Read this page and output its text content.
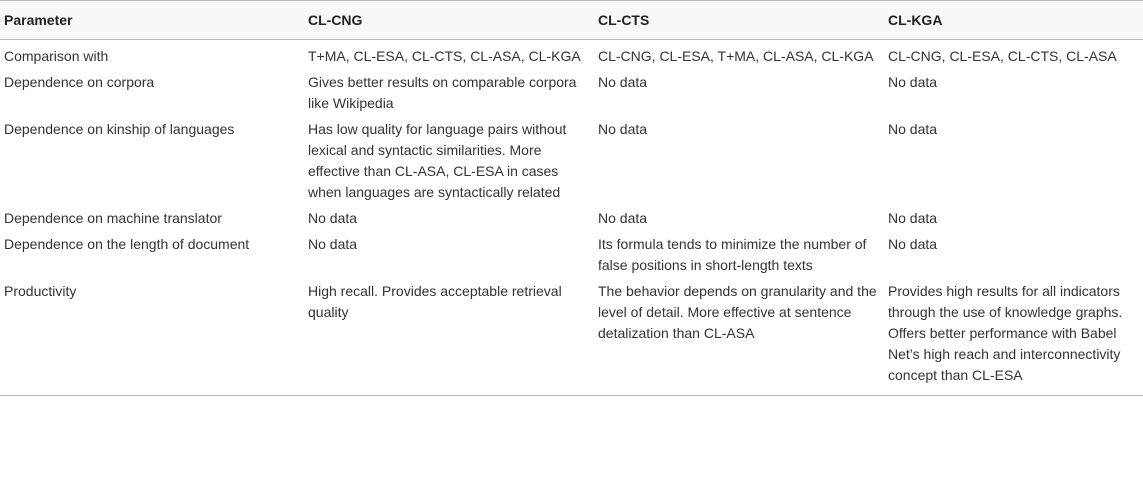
Parameter	CL-CNG	CL-CTS	CL-KGA
Comparison with	T+MA, CL-ESA, CL-CTS, CL-ASA, CL-KGA	CL-CNG, CL-ESA, T+MA, CL-ASA, CL-KGA	CL-CNG, CL-ESA, CL-CTS, CL-ASA
Dependence on corpora	Gives better results on comparable corpora like Wikipedia	No data	No data
Dependence on kinship of languages	Has low quality for language pairs without lexical and syntactic similarities. More effective than CL-ASA, CL-ESA in cases when languages are syntactically related	No data	No data
Dependence on machine translator	No data	No data	No data
Dependence on the length of document	No data	Its formula tends to minimize the number of false positions in short-length texts	No data
Productivity	High recall. Provides acceptable retrieval quality	The behavior depends on granularity and the level of detail. More effective at sentence detalization than CL-ASA	Provides high results for all indicators through the use of knowledge graphs. Offers better performance with Babel Net’s high reach and interconnectivity concept than CL-ESA
